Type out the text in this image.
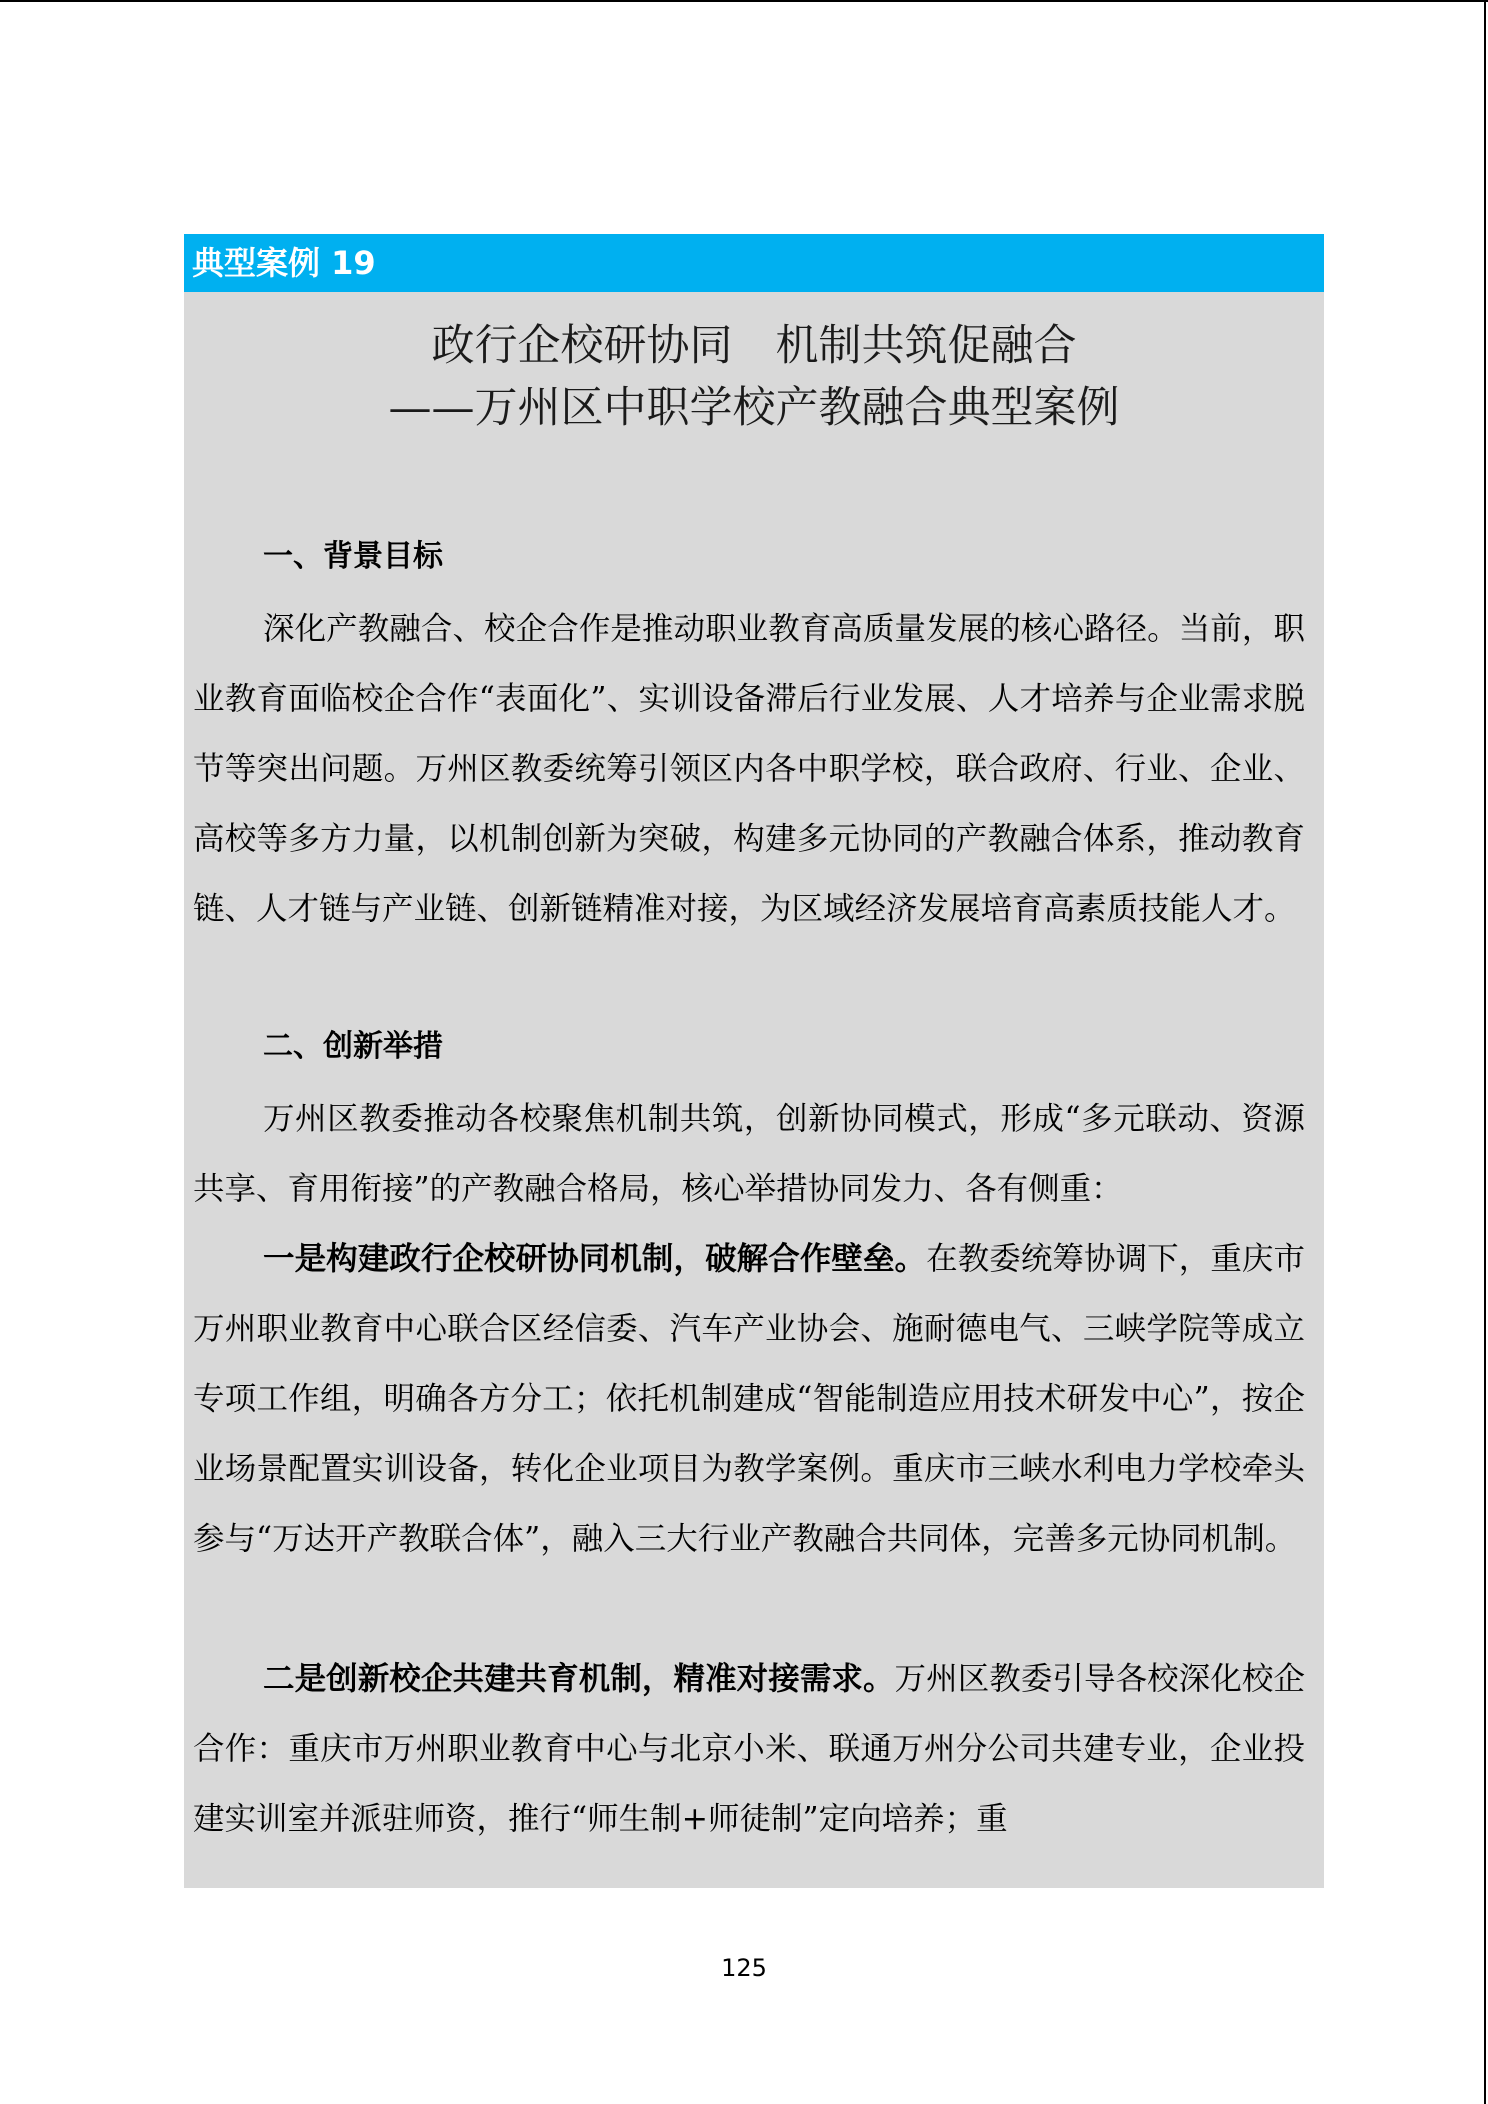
典型案例 19
政行企校研协同　机制共筑促融合
——万州区中职学校产教融合典型案例
一、背景目标

深化产教融合、校企合作是推动职业教育高质量发展的核心路径。当前，职业教育面临校企合作“表面化”、实训设备滞后行业发展、人才培养与企业需求脱节等突出问题。万州区教委统筹引领区内各中职学校，联合政府、行业、企业、高校等多方力量，以机制创新为突破，构建多元协同的产教融合体系，推动教育链、人才链与产业链、创新链精准对接，为区域经济发展培育高素质技能人才。

二、创新举措

万州区教委推动各校聚焦机制共筑，创新协同模式，形成“多元联动、资源共享、育用衔接”的产教融合格局，核心举措协同发力、各有侧重：

一是构建政行企校研协同机制，破解合作壁垒。在教委统筹协调下，重庆市万州职业教育中心联合区经信委、汽车产业协会、施耐德电气、三峡学院等成立专项工作组，明确各方分工；依托机制建成“智能制造应用技术研发中心”，按企业场景配置实训设备，转化企业项目为教学案例。重庆市三峡水利电力学校牵头参与“万达开产教联合体”，融入三大行业产教融合共同体，完善多元协同机制。

二是创新校企共建共育机制，精准对接需求。万州区教委引导各校深化校企合作：重庆市万州职业教育中心与北京小米、联通万州分公司共建专业，企业投建实训室并派驻师资，推行“师生制+师徒制”定向培养；重

125
